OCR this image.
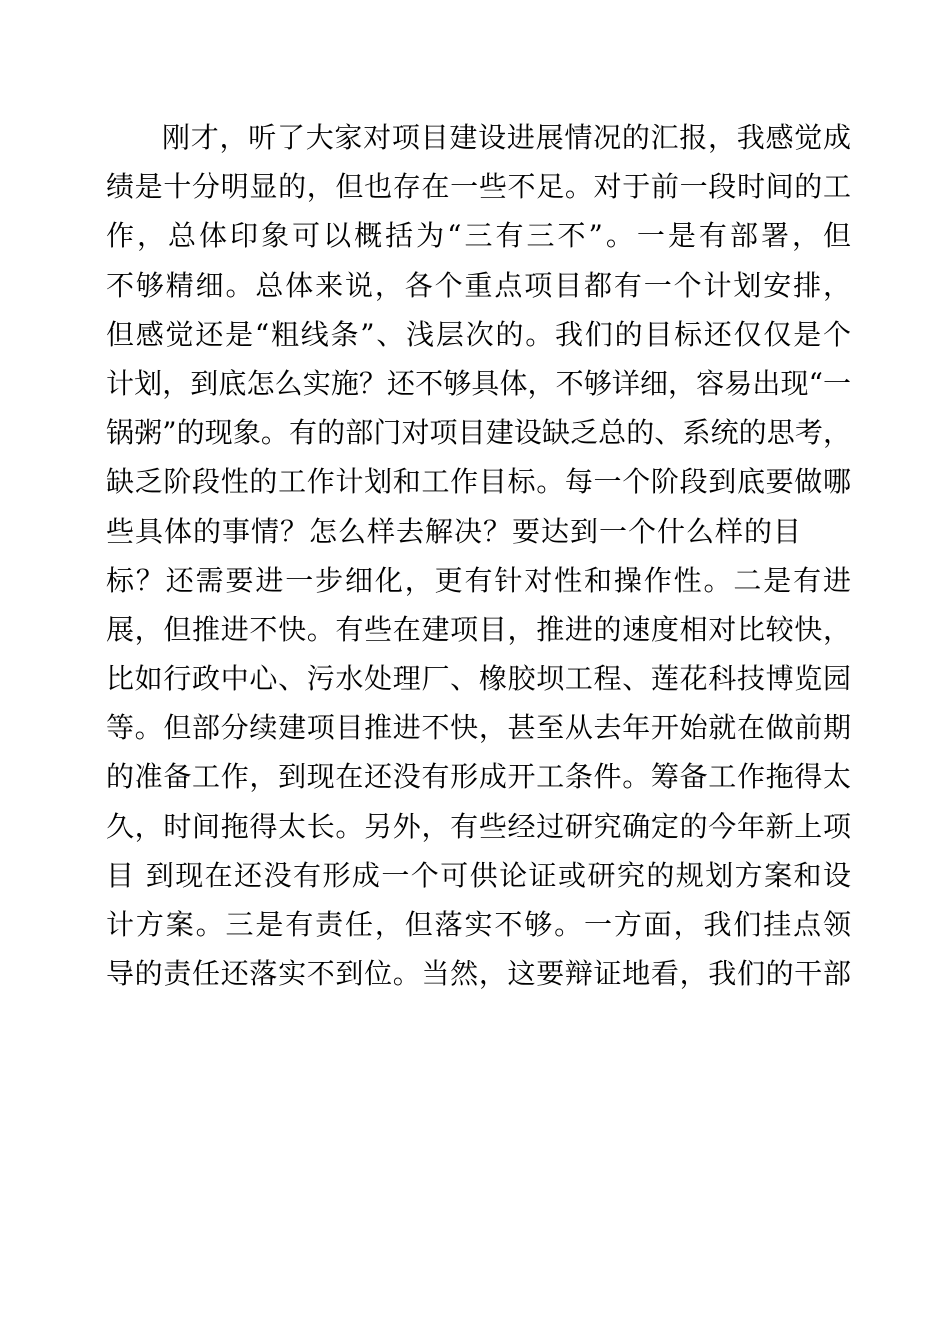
刚才，听了大家对项目建设进展情况的汇报，我感觉成
绩是十分明显的，但也存在一些不足。对于前一段时间的工
作，总体印象可以概括为“三有三不”。一是有部署，但
不够精细。总体来说，各个重点项目都有一个计划安排，
但感觉还是“粗线条”、浅层次的。我们的目标还仅仅是个
计划，到底怎么实施？还不够具体，不够详细，容易出现“一
锅粥”的现象。有的部门对项目建设缺乏总的、系统的思考，
缺乏阶段性的工作计划和工作目标。每一个阶段到底要做哪
些具体的事情？怎么样去解决？要达到一个什么样的目
标？还需要进一步细化，更有针对性和操作性。二是有进
展，但推进不快。有些在建项目，推进的速度相对比较快，
比如行政中心、污水处理厂、橡胶坝工程、莲花科技博览园
等。但部分续建项目推进不快，甚至从去年开始就在做前期
的准备工作，到现在还没有形成开工条件。筹备工作拖得太
久，时间拖得太长。另外，有些经过研究确定的今年新上项
目 到现在还没有形成一个可供论证或研究的规划方案和设
计方案。三是有责任，但落实不够。一方面，我们挂点领
导的责任还落实不到位。当然，这要辩证地看，我们的干部
